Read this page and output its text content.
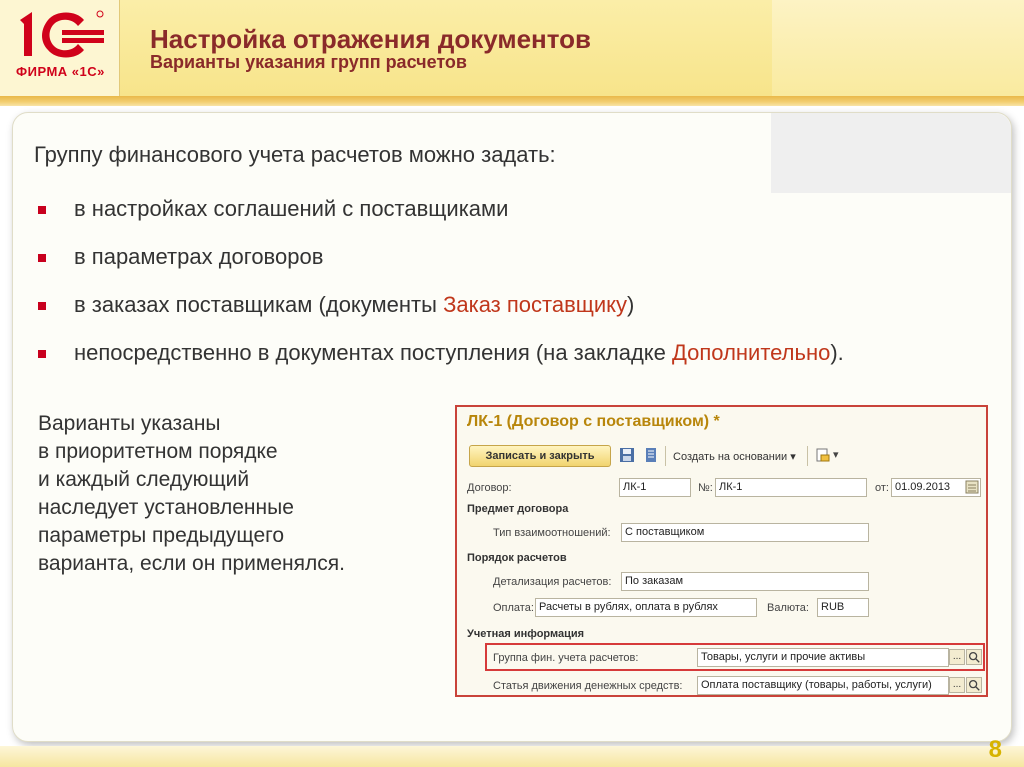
ФИРМА «1С»
Настройка отражения документов
Варианты указания групп расчетов
Группу финансового учета расчетов можно задать:
в настройках соглашений с поставщиками
в параметрах договоров
в заказах поставщикам (документы Заказ поставщику)
непосредственно в документах поступления (на закладке Дополнительно).
Варианты указаны
в приоритетном порядке
и каждый следующий
наследует установленные
параметры предыдущего
варианта, если он применялся.
ЛК-1 (Договор с поставщиком) *
Записать и закрыть	Создать на основании ▾	▾
Договор:	ЛК-1	№: ЛК-1	от: 01.09.2013
Предмет договора
Тип взаимоотношений:	С поставщиком
Порядок расчетов
Детализация расчетов:	По заказам
Оплата: Расчеты в рублях, оплата в рублях	Валюта:	RUB
Учетная информация
Группа фин. учета расчетов:	Товары, услуги и прочие активы	...
Статья движения денежных средств:	Оплата поставщику (товары, работы, услуги)	...
8
